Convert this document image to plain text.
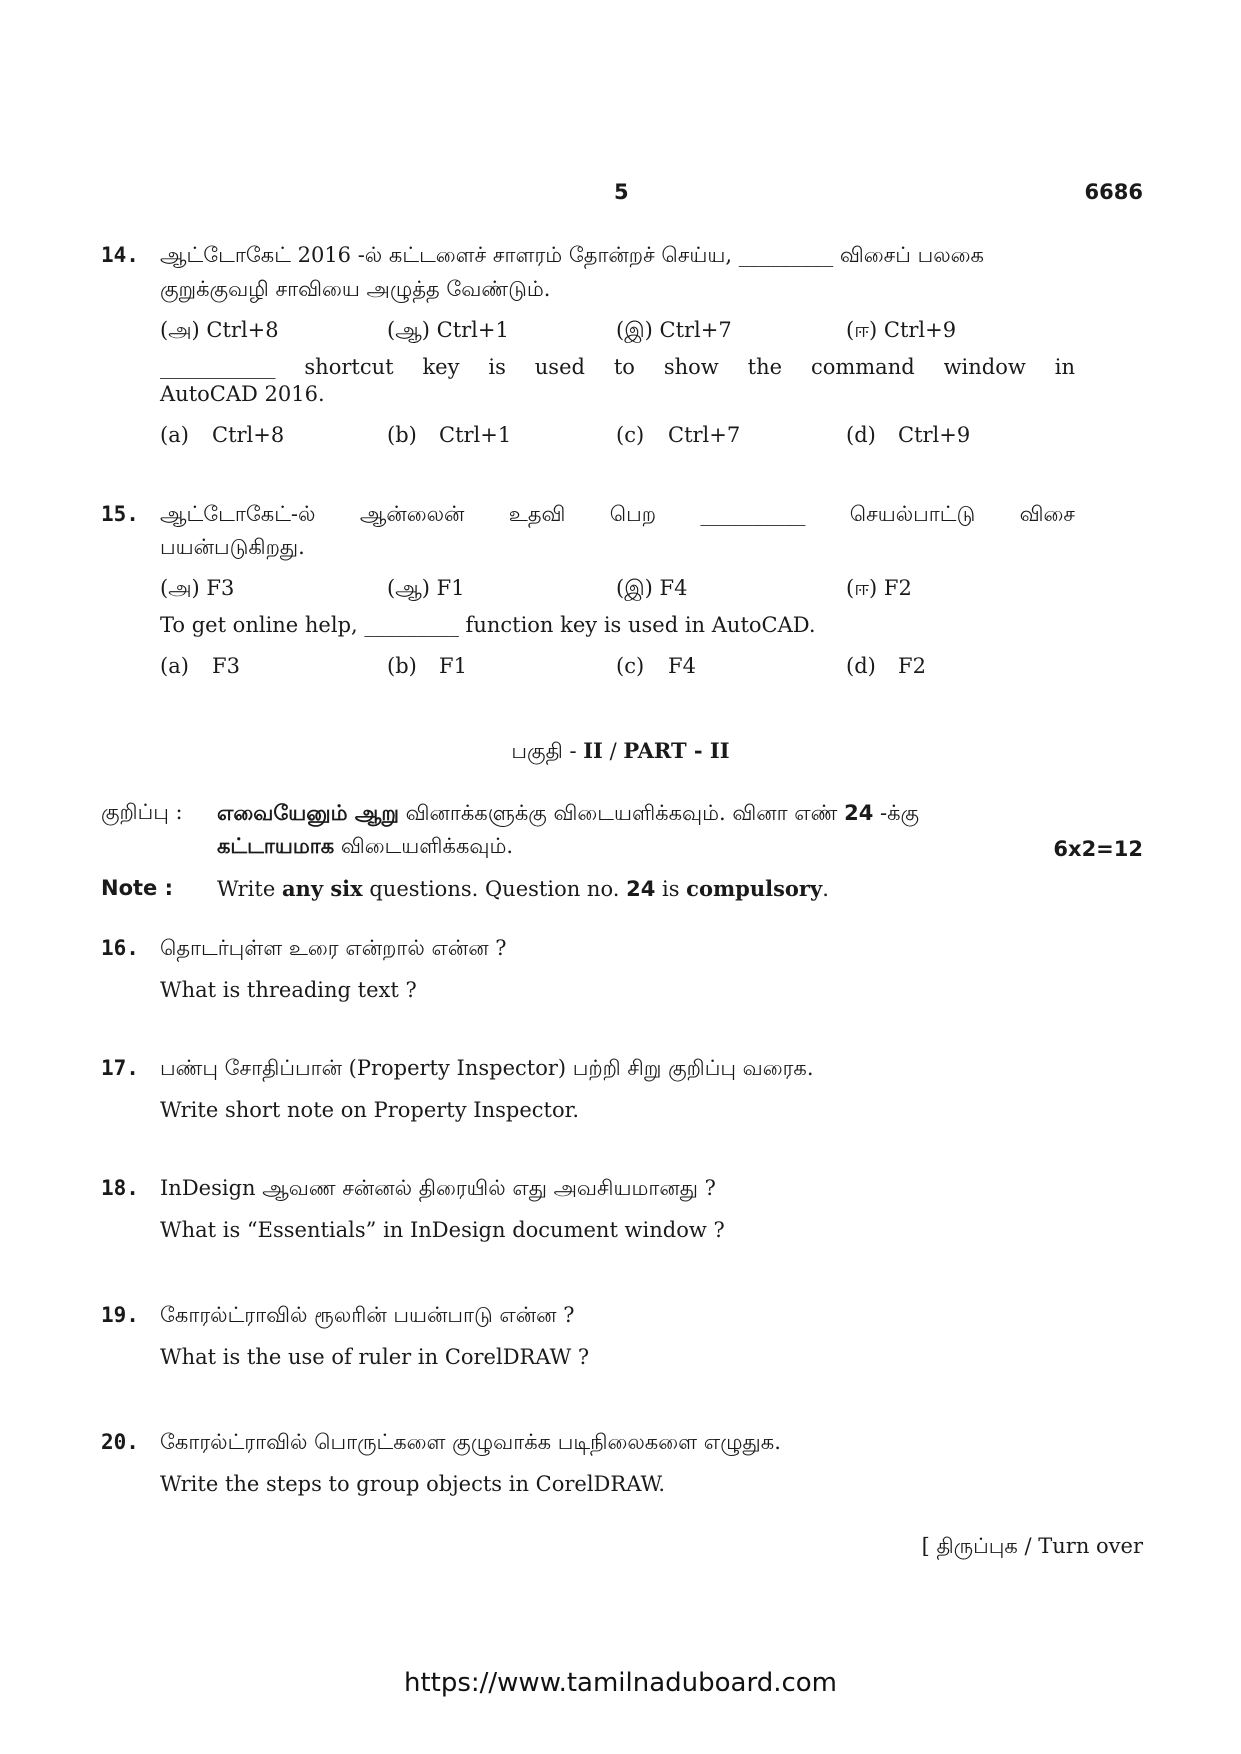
5	6686
14. ஆட்டோகேட் 2016 -ல் கட்டளைச் சாளரம் தோன்றச் செய்ய, _________ விசைப் பலகை
குறுக்குவழி சாவியை அழுத்த வேண்டும்.
(அ) Ctrl+8	(ஆ) Ctrl+1	(இ) Ctrl+7	(ஈ) Ctrl+9
___________ shortcut key is used to show the command window in
AutoCAD 2016.
(a) Ctrl+8	(b) Ctrl+1	(c) Ctrl+7	(d) Ctrl+9
15. ஆட்டோகேட்-ல் ஆன்லைன் உதவி பெற __________ செயல்பாட்டு விசை
பயன்படுகிறது.
(அ) F3	(ஆ) F1	(இ) F4	(ஈ) F2
To get online help, _________ function key is used in AutoCAD.
(a) F3	(b) F1	(c) F4	(d) F2
பகுதி - II / PART - II
குறிப்பு : எவையேனும் ஆறு வினாக்களுக்கு விடையளிக்கவும். வினா எண் 24 -க்கு
கட்டாயமாக விடையளிக்கவும்.	6x2=12
Note : Write any six questions. Question no. 24 is compulsory.
16. தொடர்புள்ள உரை என்றால் என்ன ?
What is threading text ?
17. பண்பு சோதிப்பான் (Property Inspector) பற்றி சிறு குறிப்பு வரைக.
Write short note on Property Inspector.
18. InDesign ஆவண சன்னல் திரையில் எது அவசியமானது ?
What is “Essentials” in InDesign document window ?
19. கோரல்ட்ராவில் ரூலரின் பயன்பாடு என்ன ?
What is the use of ruler in CorelDRAW ?
20. கோரல்ட்ராவில் பொருட்களை குழுவாக்க படிநிலைகளை எழுதுக.
Write the steps to group objects in CorelDRAW.
[ திருப்புக / Turn over
https://www.tamilnaduboard.com
